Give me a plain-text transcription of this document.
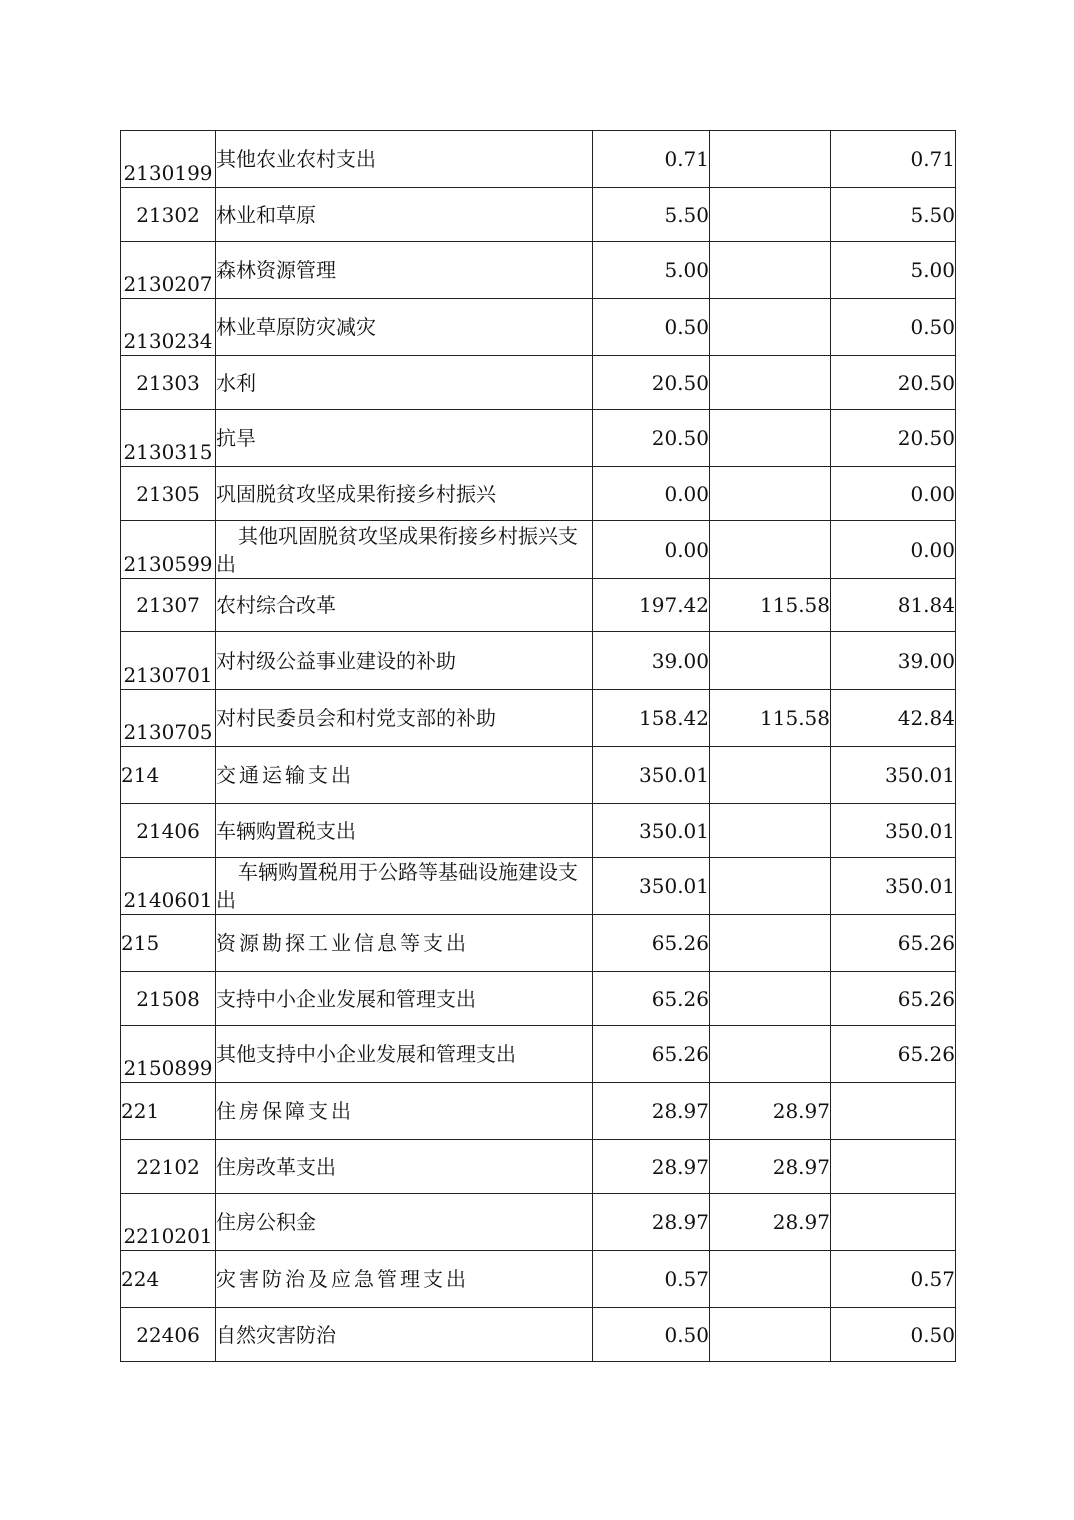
2130199	其他农业农村支出	0.71		0.71
21302	林业和草原	5.50		5.50
2130207	森林资源管理	5.00		5.00
2130234	林业草原防灾减灾	0.50		0.50
21303	水利	20.50		20.50
2130315	抗旱	20.50		20.50
21305	巩固脱贫攻坚成果衔接乡村振兴	0.00		0.00
2130599	其他巩固脱贫攻坚成果衔接乡村振兴支出	0.00		0.00
21307	农村综合改革	197.42	115.58	81.84
2130701	对村级公益事业建设的补助	39.00		39.00
2130705	对村民委员会和村党支部的补助	158.42	115.58	42.84
214	交通运输支出	350.01		350.01
21406	车辆购置税支出	350.01		350.01
2140601	车辆购置税用于公路等基础设施建设支出	350.01		350.01
215	资源勘探工业信息等支出	65.26		65.26
21508	支持中小企业发展和管理支出	65.26		65.26
2150899	其他支持中小企业发展和管理支出	65.26		65.26
221	住房保障支出	28.97	28.97	
22102	住房改革支出	28.97	28.97	
2210201	住房公积金	28.97	28.97	
224	灾害防治及应急管理支出	0.57		0.57
22406	自然灾害防治	0.50		0.50
